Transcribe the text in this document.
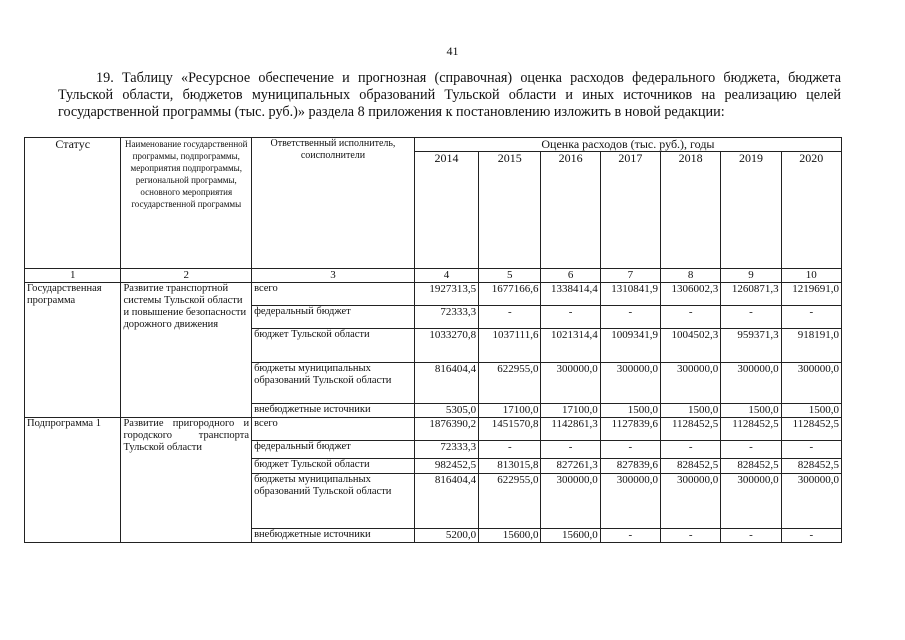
41
19. Таблицу «Ресурсное обеспечение и прогнозная (справочная) оценка расходов федерального бюджета, бюджета Тульской области, бюджетов муниципальных образований Тульской области и иных источников на реализацию целей государственной программы (тыс. руб.)» раздела 8 приложения к постановлению изложить в новой редакции:
Статус	Наименование государственной программы, подпрограммы, мероприятия подпрограммы, региональной программы, основного мероприятия государственной программы	Ответственный исполнитель, соисполнители	Оценка расходов (тыс. руб.), годы						
			2014	2015	2016	2017	2018	2019	2020
1	2	3	4	5	6	7	8	9	10
Государственная программа	Развитие транспортной системы Тульской области и повышение безопасности дорожного движения	всего	1927313,5	1677166,6	1338414,4	1310841,9	1306002,3	1260871,3	1219691,0
		федеральный бюджет	72333,3	-	-	-	-	-	-
		бюджет Тульской области	1033270,8	1037111,6	1021314,4	1009341,9	1004502,3	959371,3	918191,0
		бюджеты муниципальных образований Тульской области	816404,4	622955,0	300000,0	300000,0	300000,0	300000,0	300000,0
		внебюджетные источники	5305,0	17100,0	17100,0	1500,0	1500,0	1500,0	1500,0
Подпрограмма 1	Развитие пригородного и городского транспорта Тульской области	всего	1876390,2	1451570,8	1142861,3	1127839,6	1128452,5	1128452,5	1128452,5
		федеральный бюджет	72333,3	-	-	-	-	-	-
		бюджет Тульской области	982452,5	813015,8	827261,3	827839,6	828452,5	828452,5	828452,5
		бюджеты муниципальных образований Тульской области	816404,4	622955,0	300000,0	300000,0	300000,0	300000,0	300000,0
		внебюджетные источники	5200,0	15600,0	15600,0	-	-	-	-
